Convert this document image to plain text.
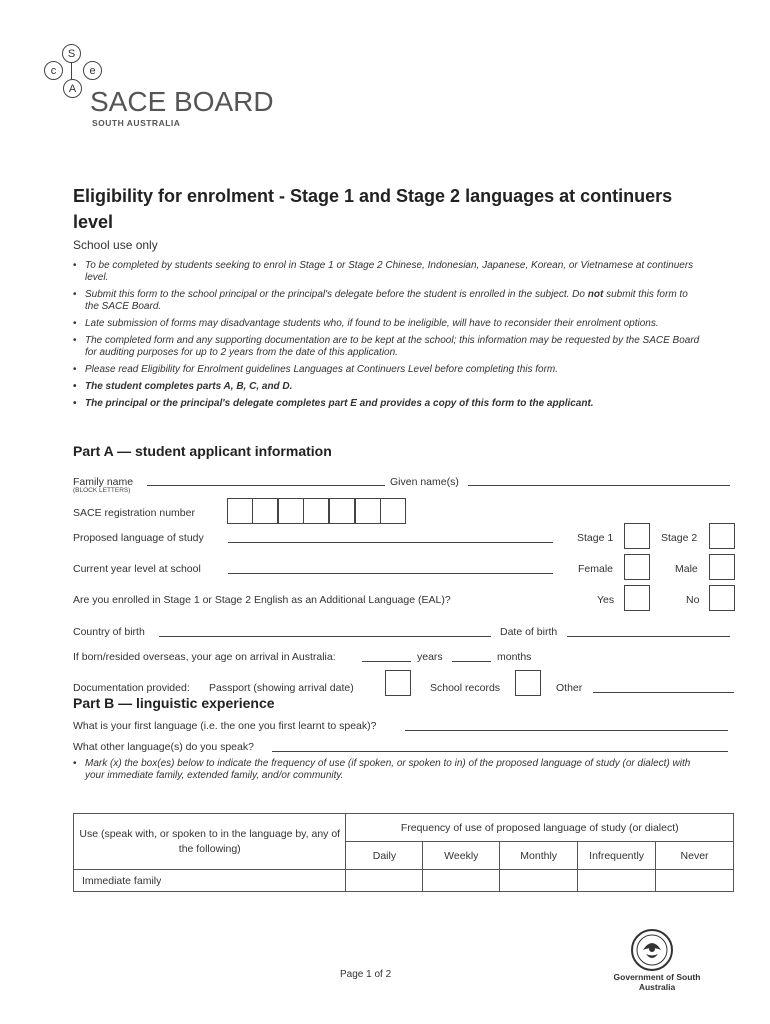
S
c	e
A SACE BOARD
SOUTH AUSTRALIA
Eligibility for enrolment - Stage 1 and Stage 2 languages at continuers level
School use only
• To be completed by students seeking to enrol in Stage 1 or Stage 2 Chinese, Indonesian, Japanese, Korean, or Vietnamese at continuers level.
• Submit this form to the school principal or the principal's delegate before the student is enrolled in the subject. Do not submit this form to the SACE Board.
• Late submission of forms may disadvantage students who, if found to be ineligible, will have to reconsider their enrolment options.
• The completed form and any supporting documentation are to be kept at the school; this information may be requested by the SACE Board for auditing purposes for up to 2 years from the date of this application.
• Please read Eligibility for Enrolment guidelines Languages at Continuers Level before completing this form.
• The student completes parts A, B, C, and D.
• The principal or the principal's delegate completes part E and provides a copy of this form to the applicant.
Part A — student applicant information
Family name
(BLOCK LETTERS)
Given name(s)
SACE registration number
Proposed language of study	Stage 1	Stage 2
Current year level at school	Female	Male
Are you enrolled in Stage 1 or Stage 2 English as an Additional Language (EAL)?	Yes	No
Country of birth	Date of birth
If born/resided overseas, your age on arrival in Australia:	years	months
Documentation provided: Passport (showing arrival date)	School records	Other
Part B — linguistic experience
What is your first language (i.e. the one you first learnt to speak)?
What other language(s) do you speak?
• Mark (x) the box(es) below to indicate the frequency of use (if spoken, or spoken to in) of the proposed language of study (or dialect) with your immediate family, extended family, and/or community.
Use (speak with, or spoken to in the language by, any of the following)	Frequency of use of proposed language of study (or dialect)				
	Daily	Weekly	Monthly	Infrequently	Never
Immediate family					
Page 1 of 2	Government of South Australia
